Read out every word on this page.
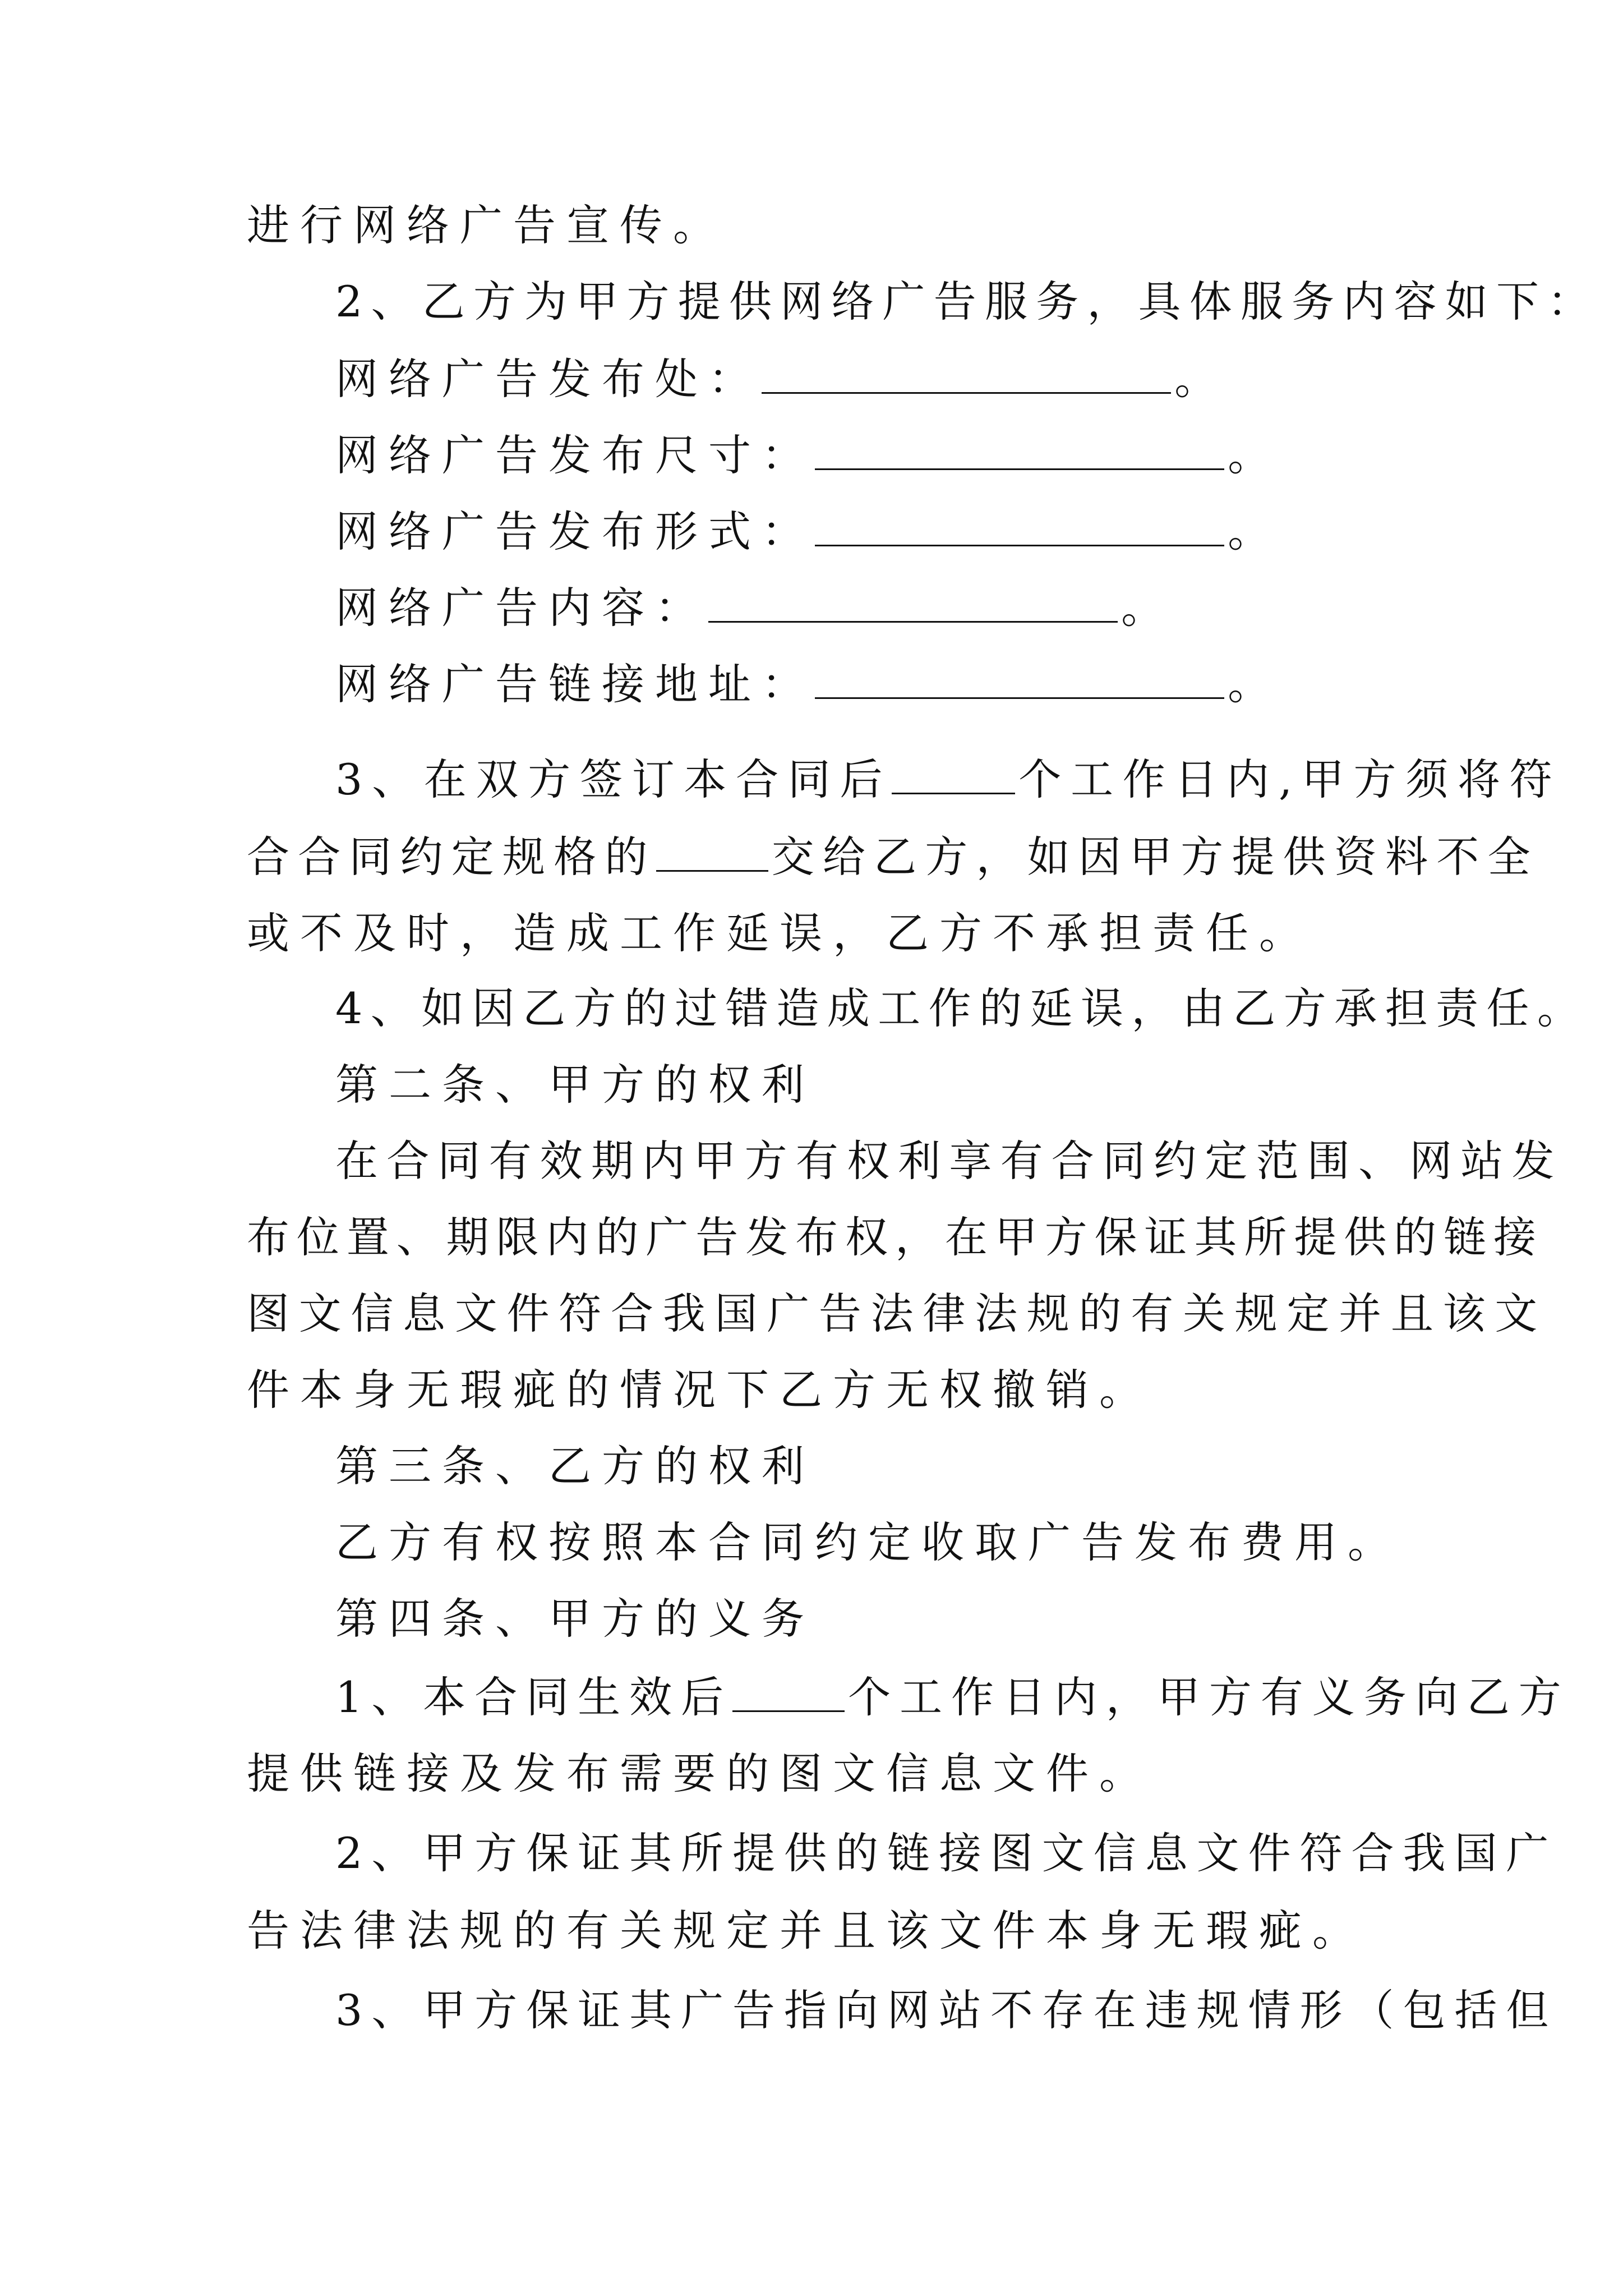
进行网络广告宣传。
2、乙方为甲方提供网络广告服务，具体服务内容如下：
网络广告发布处：	。
网络广告发布尺寸：	。
网络广告发布形式：	。
网络广告内容：	。
网络广告链接地址：	。
3、在双方签订本合同后	个工作日内,甲方须将符
合合同约定规格的	交给乙方，如因甲方提供资料不全
或不及时，造成工作延误，乙方不承担责任。
4、如因乙方的过错造成工作的延误，由乙方承担责任。
第二条、甲方的权利
在合同有效期内甲方有权利享有合同约定范围、网站发
布位置、期限内的广告发布权，在甲方保证其所提供的链接
图文信息文件符合我国广告法律法规的有关规定并且该文
件本身无瑕疵的情况下乙方无权撤销。
第三条、乙方的权利
乙方有权按照本合同约定收取广告发布费用。
第四条、甲方的义务
1、本合同生效后	个工作日内，甲方有义务向乙方
提供链接及发布需要的图文信息文件。
2、甲方保证其所提供的链接图文信息文件符合我国广
告法律法规的有关规定并且该文件本身无瑕疵。
3、甲方保证其广告指向网站不存在违规情形（包括但
